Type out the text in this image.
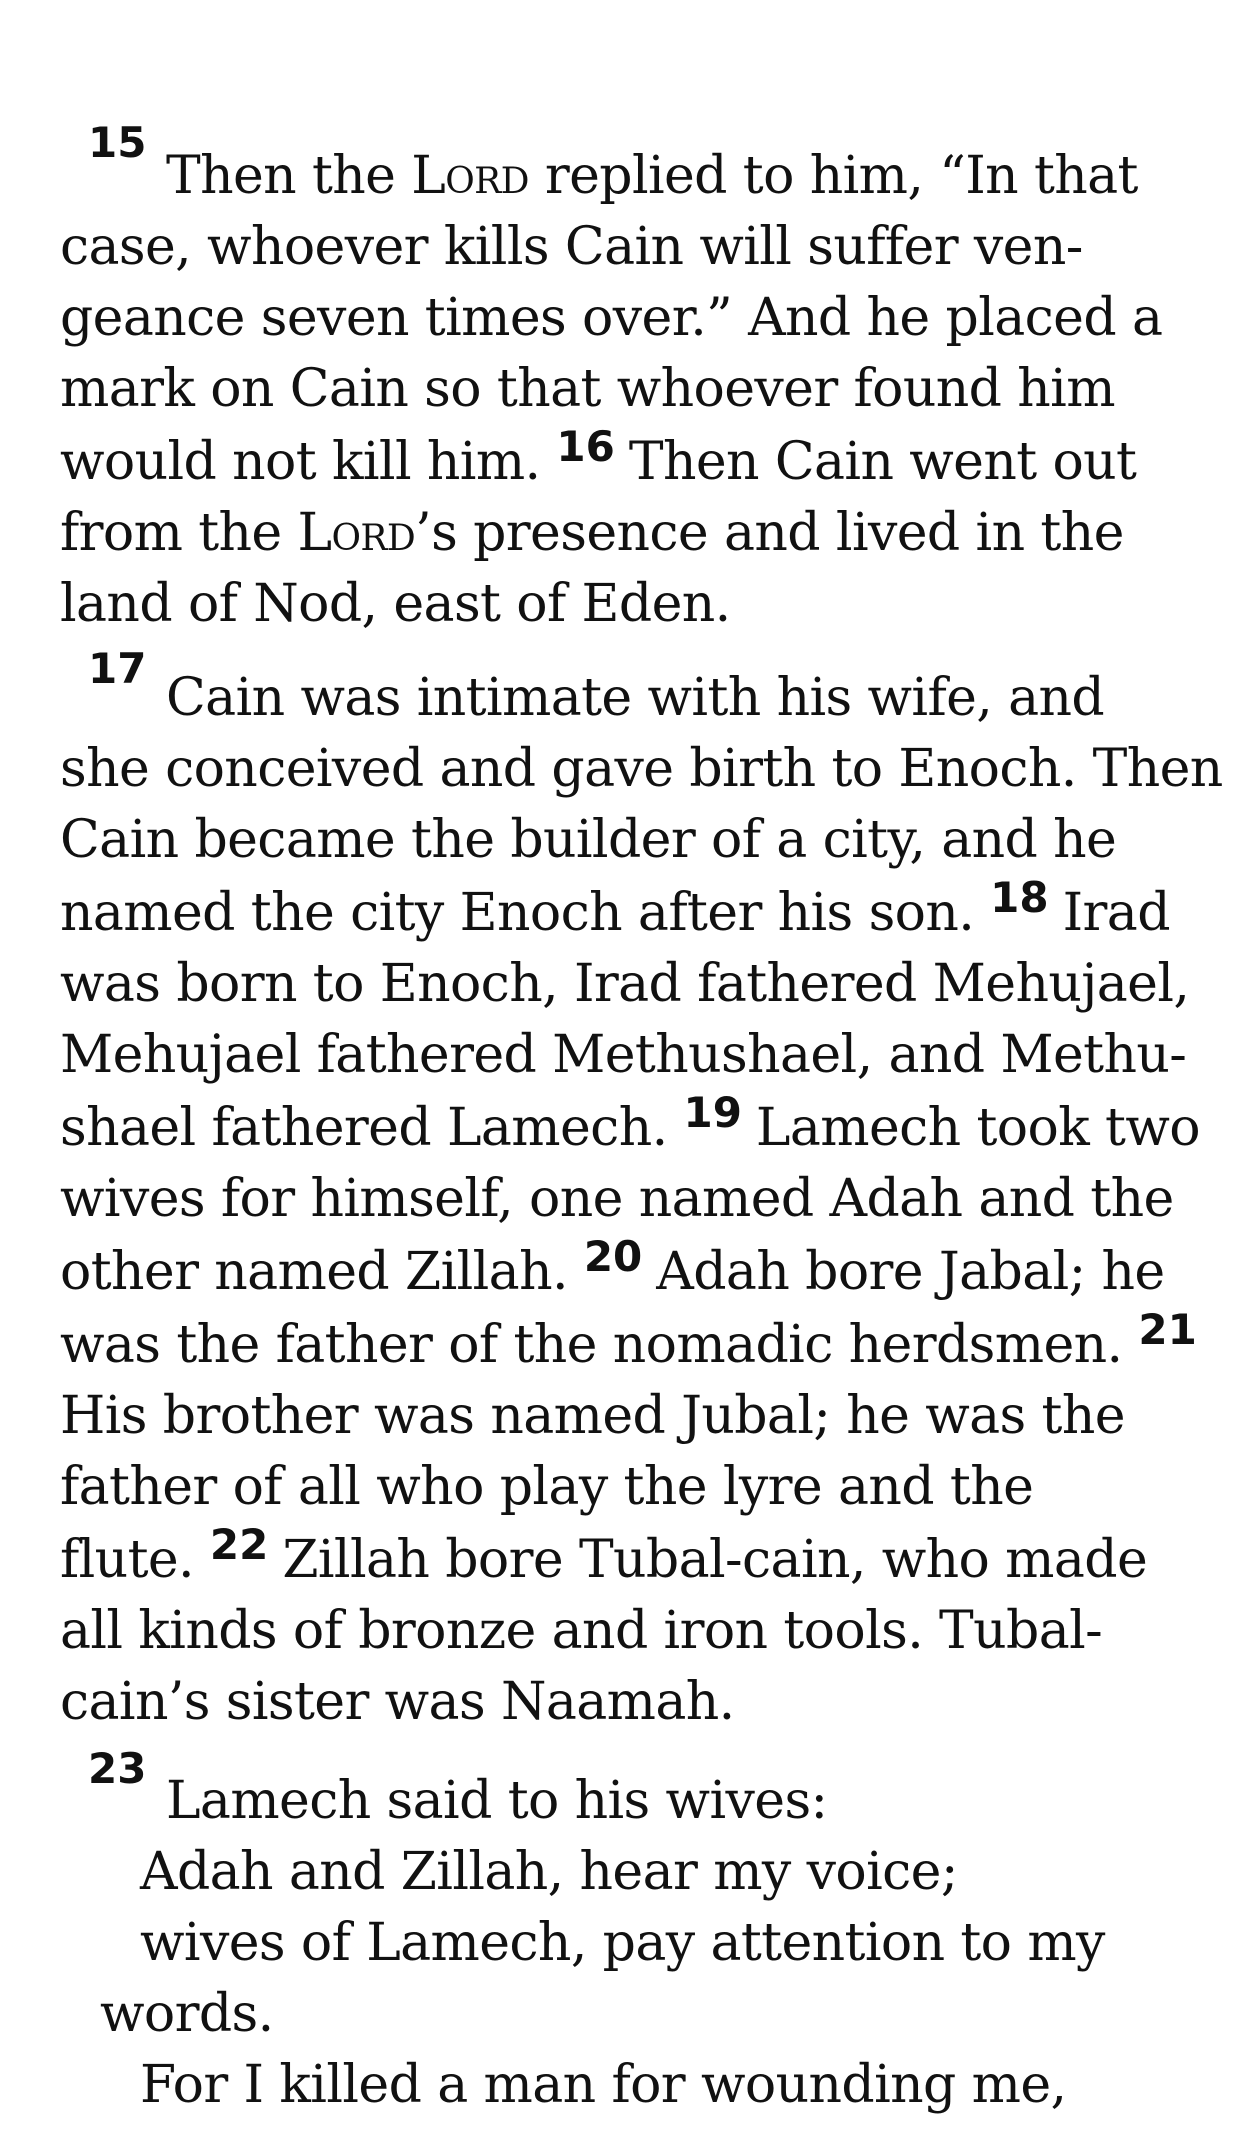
15
Then the Lord replied to him, “In that
case, whoever kills Cain will suffer ven-
geance seven times over.” And he placed a
mark on Cain so that whoever found him
would not kill him. $^{16}$ Then Cain went out
from the Lord’s presence and lived in the
land of Nod, east of Eden.
17 Cain was intimate with his wife, and
she conceived and gave birth to Enoch. Then
Cain became the builder of a city, and he
named the city Enoch after his son. $^{18}$ Irad
was born to Enoch, Irad fathered Mehujael,
Mehujael fathered Methushael, and Methu-
shael fathered Lamech. $^{19}$ Lamech took two
wives for himself, one named Adah and the
other named Zillah. $^{20}$ Adah bore Jabal; he
was the father of the nomadic herdsmen. $^{21}$
His brother was named Jubal; he was the
father of all who play the lyre and the
flute. $^{22}$ Zillah bore Tubal-cain, who made
all kinds of bronze and iron tools. Tubal-
cain’s sister was Naamah.
23
Lamech said to his wives:
Adah and Zillah, hear my voice;
wives of Lamech, pay attention to my
words.
For I killed a man for wounding me,
